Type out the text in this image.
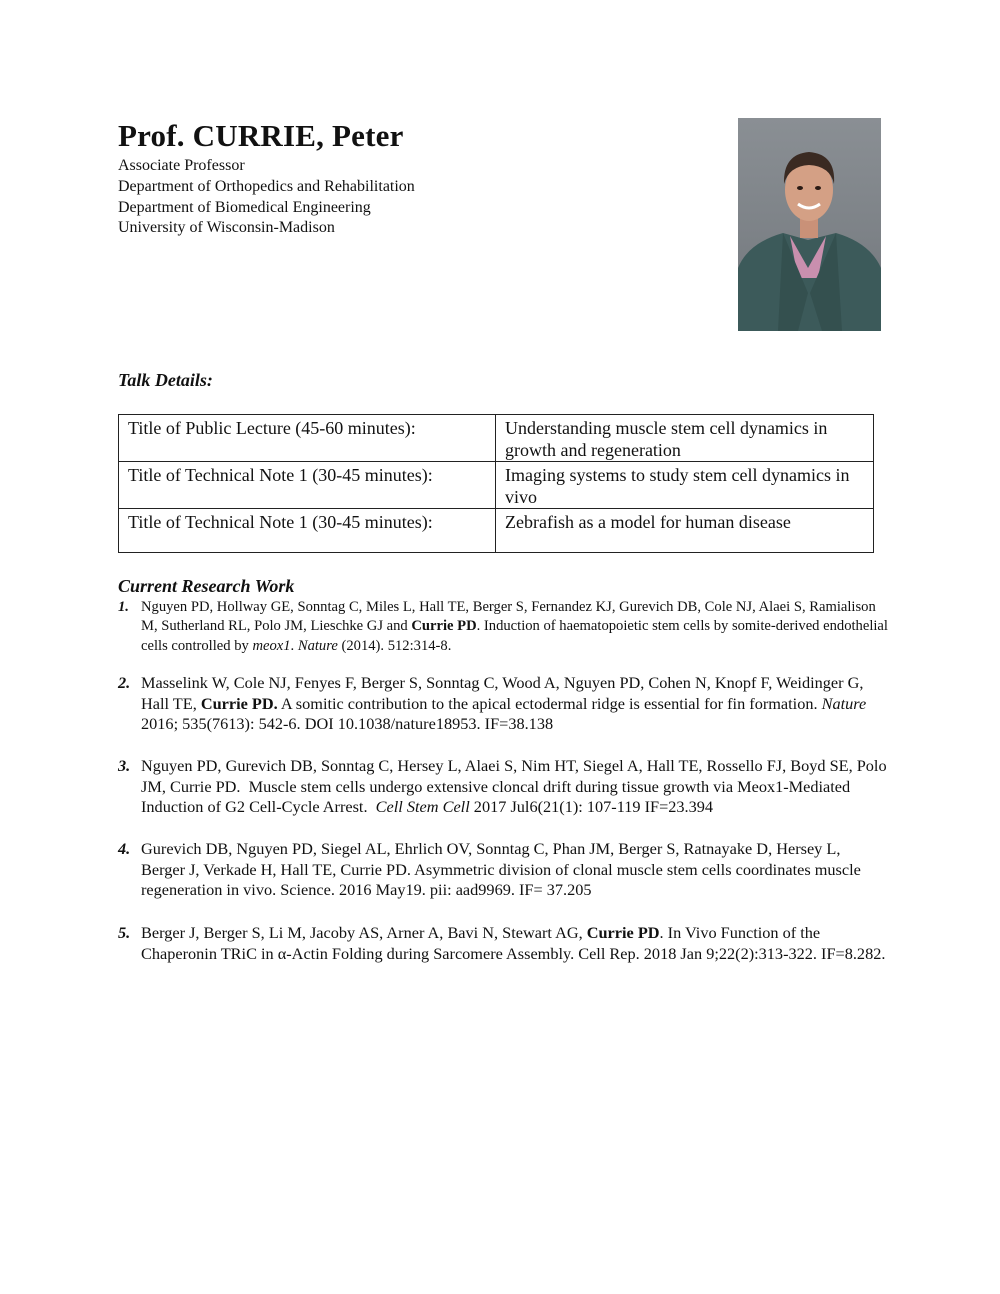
Prof. CURRIE, Peter
Associate Professor
Department of Orthopedics and Rehabilitation
Department of Biomedical Engineering
University of Wisconsin-Madison
Talk Details:
Title of Public Lecture (45-60 minutes):	Understanding muscle stem cell dynamics in growth and regeneration
Title of Technical Note 1 (30-45 minutes):	Imaging systems to study stem cell dynamics in vivo
Title of Technical Note 1 (30-45 minutes):	Zebrafish as a model for human disease
Current Research Work
1. Nguyen PD, Hollway GE, Sonntag C, Miles L, Hall TE, Berger S, Fernandez KJ, Gurevich DB, Cole NJ, Alaei S, Ramialison M, Sutherland RL, Polo JM, Lieschke GJ and Currie PD. Induction of haematopoietic stem cells by somite-derived endothelial cells controlled by meox1. Nature (2014). 512:314-8.
2. Masselink W, Cole NJ, Fenyes F, Berger S, Sonntag C, Wood A, Nguyen PD, Cohen N, Knopf F, Weidinger G, Hall TE, Currie PD. A somitic contribution to the apical ectodermal ridge is essential for fin formation. Nature 2016; 535(7613): 542-6. DOI 10.1038/nature18953. IF=38.138
3. Nguyen PD, Gurevich DB, Sonntag C, Hersey L, Alaei S, Nim HT, Siegel A, Hall TE, Rossello FJ, Boyd SE, Polo JM, Currie PD.  Muscle stem cells undergo extensive cloncal drift during tissue growth via Meox1-Mediated Induction of G2 Cell-Cycle Arrest.  Cell Stem Cell 2017 Jul6(21(1): 107-119 IF=23.394
4. Gurevich DB, Nguyen PD, Siegel AL, Ehrlich OV, Sonntag C, Phan JM, Berger S, Ratnayake D, Hersey L, Berger J, Verkade H, Hall TE, Currie PD. Asymmetric division of clonal muscle stem cells coordinates muscle regeneration in vivo. Science. 2016 May19. pii: aad9969. IF= 37.205
5. Berger J, Berger S, Li M, Jacoby AS, Arner A, Bavi N, Stewart AG, Currie PD. In Vivo Function of the Chaperonin TRiC in α-Actin Folding during Sarcomere Assembly. Cell Rep. 2018 Jan 9;22(2):313-322. IF=8.282.
